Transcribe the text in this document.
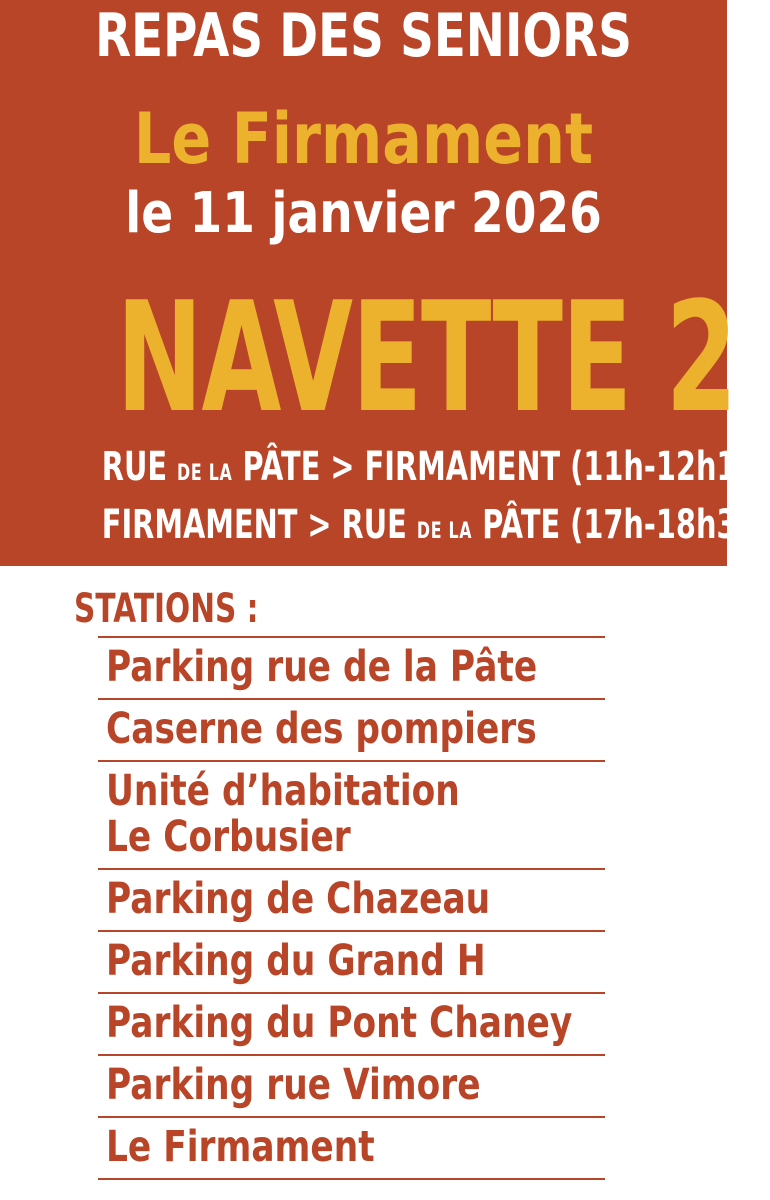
REPAS DES SENIORS
Le Firmament
le 11 janvier 2026
NAVETTE 2
RUE DE LA PÂTE > FIRMAMENT (11h-12h15)
FIRMAMENT > RUE DE LA PÂTE (17h-18h30)
STATIONS :
Parking rue de la Pâte
Caserne des pompiers
Unité d’habitation
Le Corbusier
Parking de Chazeau
Parking du Grand H
Parking du Pont Chaney
Parking rue Vimore
Le Firmament
